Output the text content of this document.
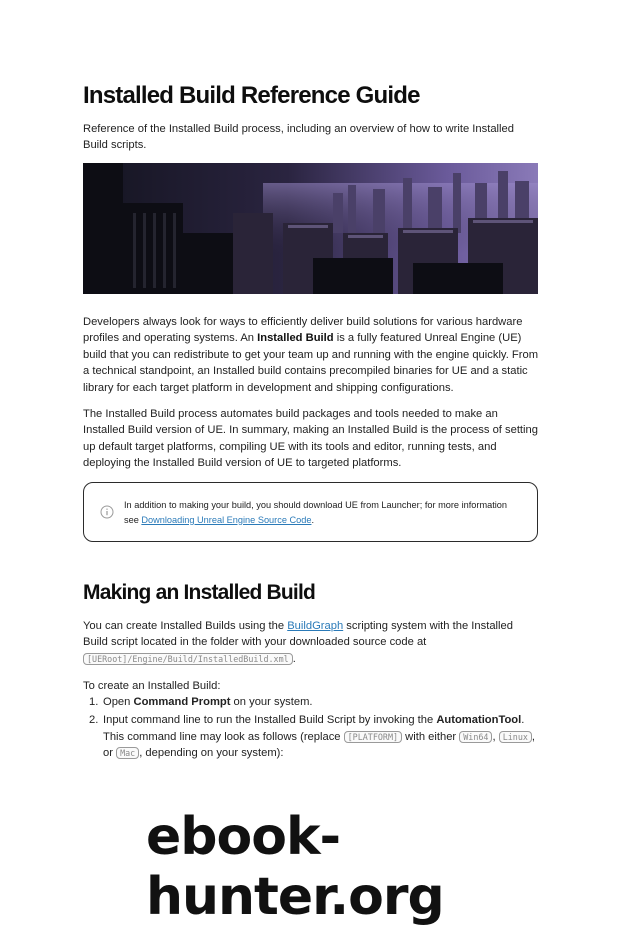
Installed Build Reference Guide
Reference of the Installed Build process, including an overview of how to write Installed Build scripts.
Developers always look for ways to efficiently deliver build solutions for various hardware profiles and operating systems. An Installed Build is a fully featured Unreal Engine (UE) build that you can redistribute to get your team up and running with the engine quickly. From a technical standpoint, an Installed build contains precompiled binaries for UE and a static library for each target platform in development and shipping configurations.
The Installed Build process automates build packages and tools needed to make an Installed Build version of UE. In summary, making an Installed Build is the process of setting up default target platforms, compiling UE with its tools and editor, running tests, and deploying the Installed Build version of UE to targeted platforms.
In addition to making your build, you should download UE from Launcher; for more information see Downloading Unreal Engine Source Code.
Making an Installed Build
You can create Installed Builds using the BuildGraph scripting system with the Installed Build script located in the folder with your downloaded source code at [UERoot]/Engine/Build/InstalledBuild.xml .
To create an Installed Build:
1. Open Command Prompt on your system.
2. Input command line to run the Installed Build Script by invoking the AutomationTool. This command line may look as follows (replace [PLATFORM] with either Win64 , Linux , or Mac , depending on your system):
ebook-hunter.org
